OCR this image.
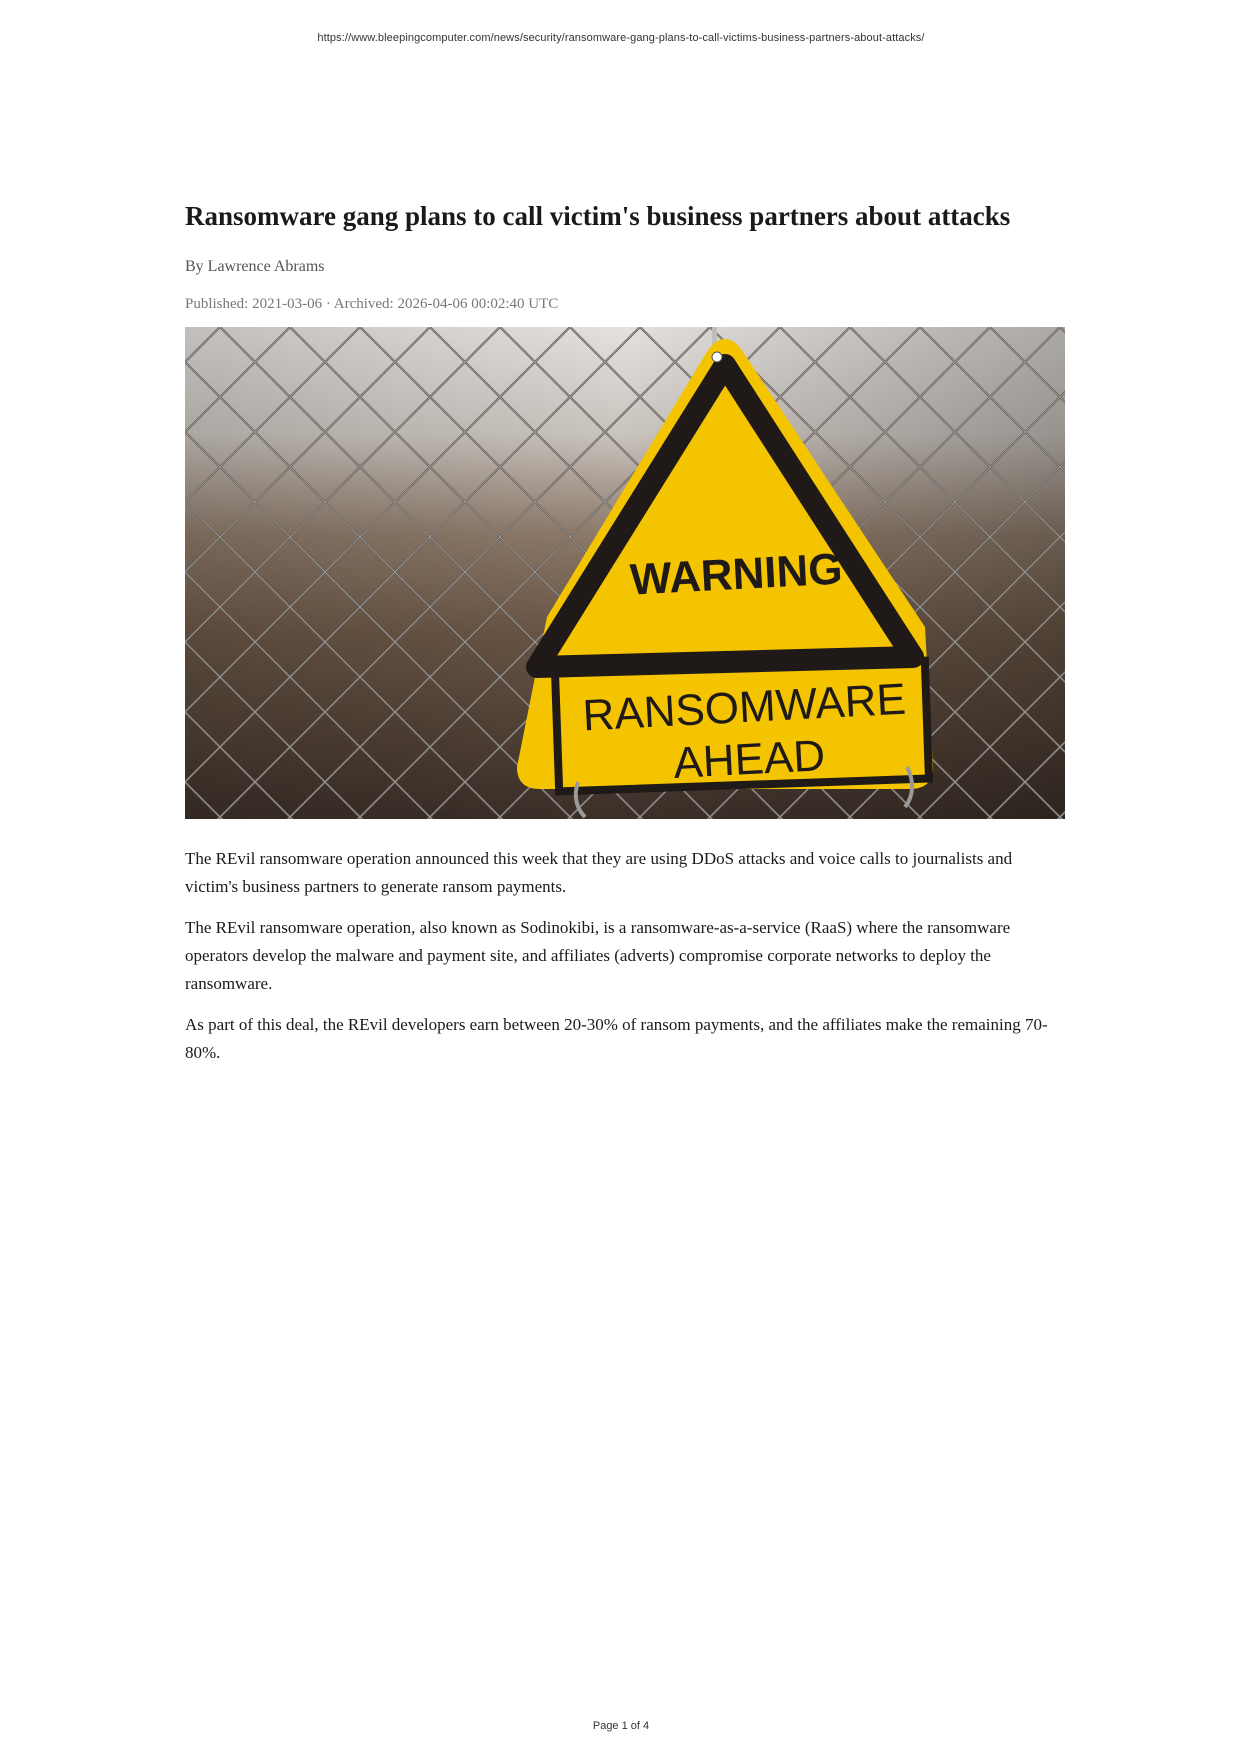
https://www.bleepingcomputer.com/news/security/ransomware-gang-plans-to-call-victims-business-partners-about-attacks/
Ransomware gang plans to call victim's business partners about attacks
By Lawrence Abrams
Published: 2021-03-06 · Archived: 2026-04-06 00:02:40 UTC
WARNING
RANSOMWARE
AHEAD

The REvil ransomware operation announced this week that they are using DDoS attacks and voice calls to journalists and victim's business partners to generate ransom payments.

The REvil ransomware operation, also known as Sodinokibi, is a ransomware-as-a-service (RaaS) where the ransomware operators develop the malware and payment site, and affiliates (adverts) compromise corporate networks to deploy the ransomware.

As part of this deal, the REvil developers earn between 20-30% of ransom payments, and the affiliates make the remaining 70-80%.

Page 1 of 4
